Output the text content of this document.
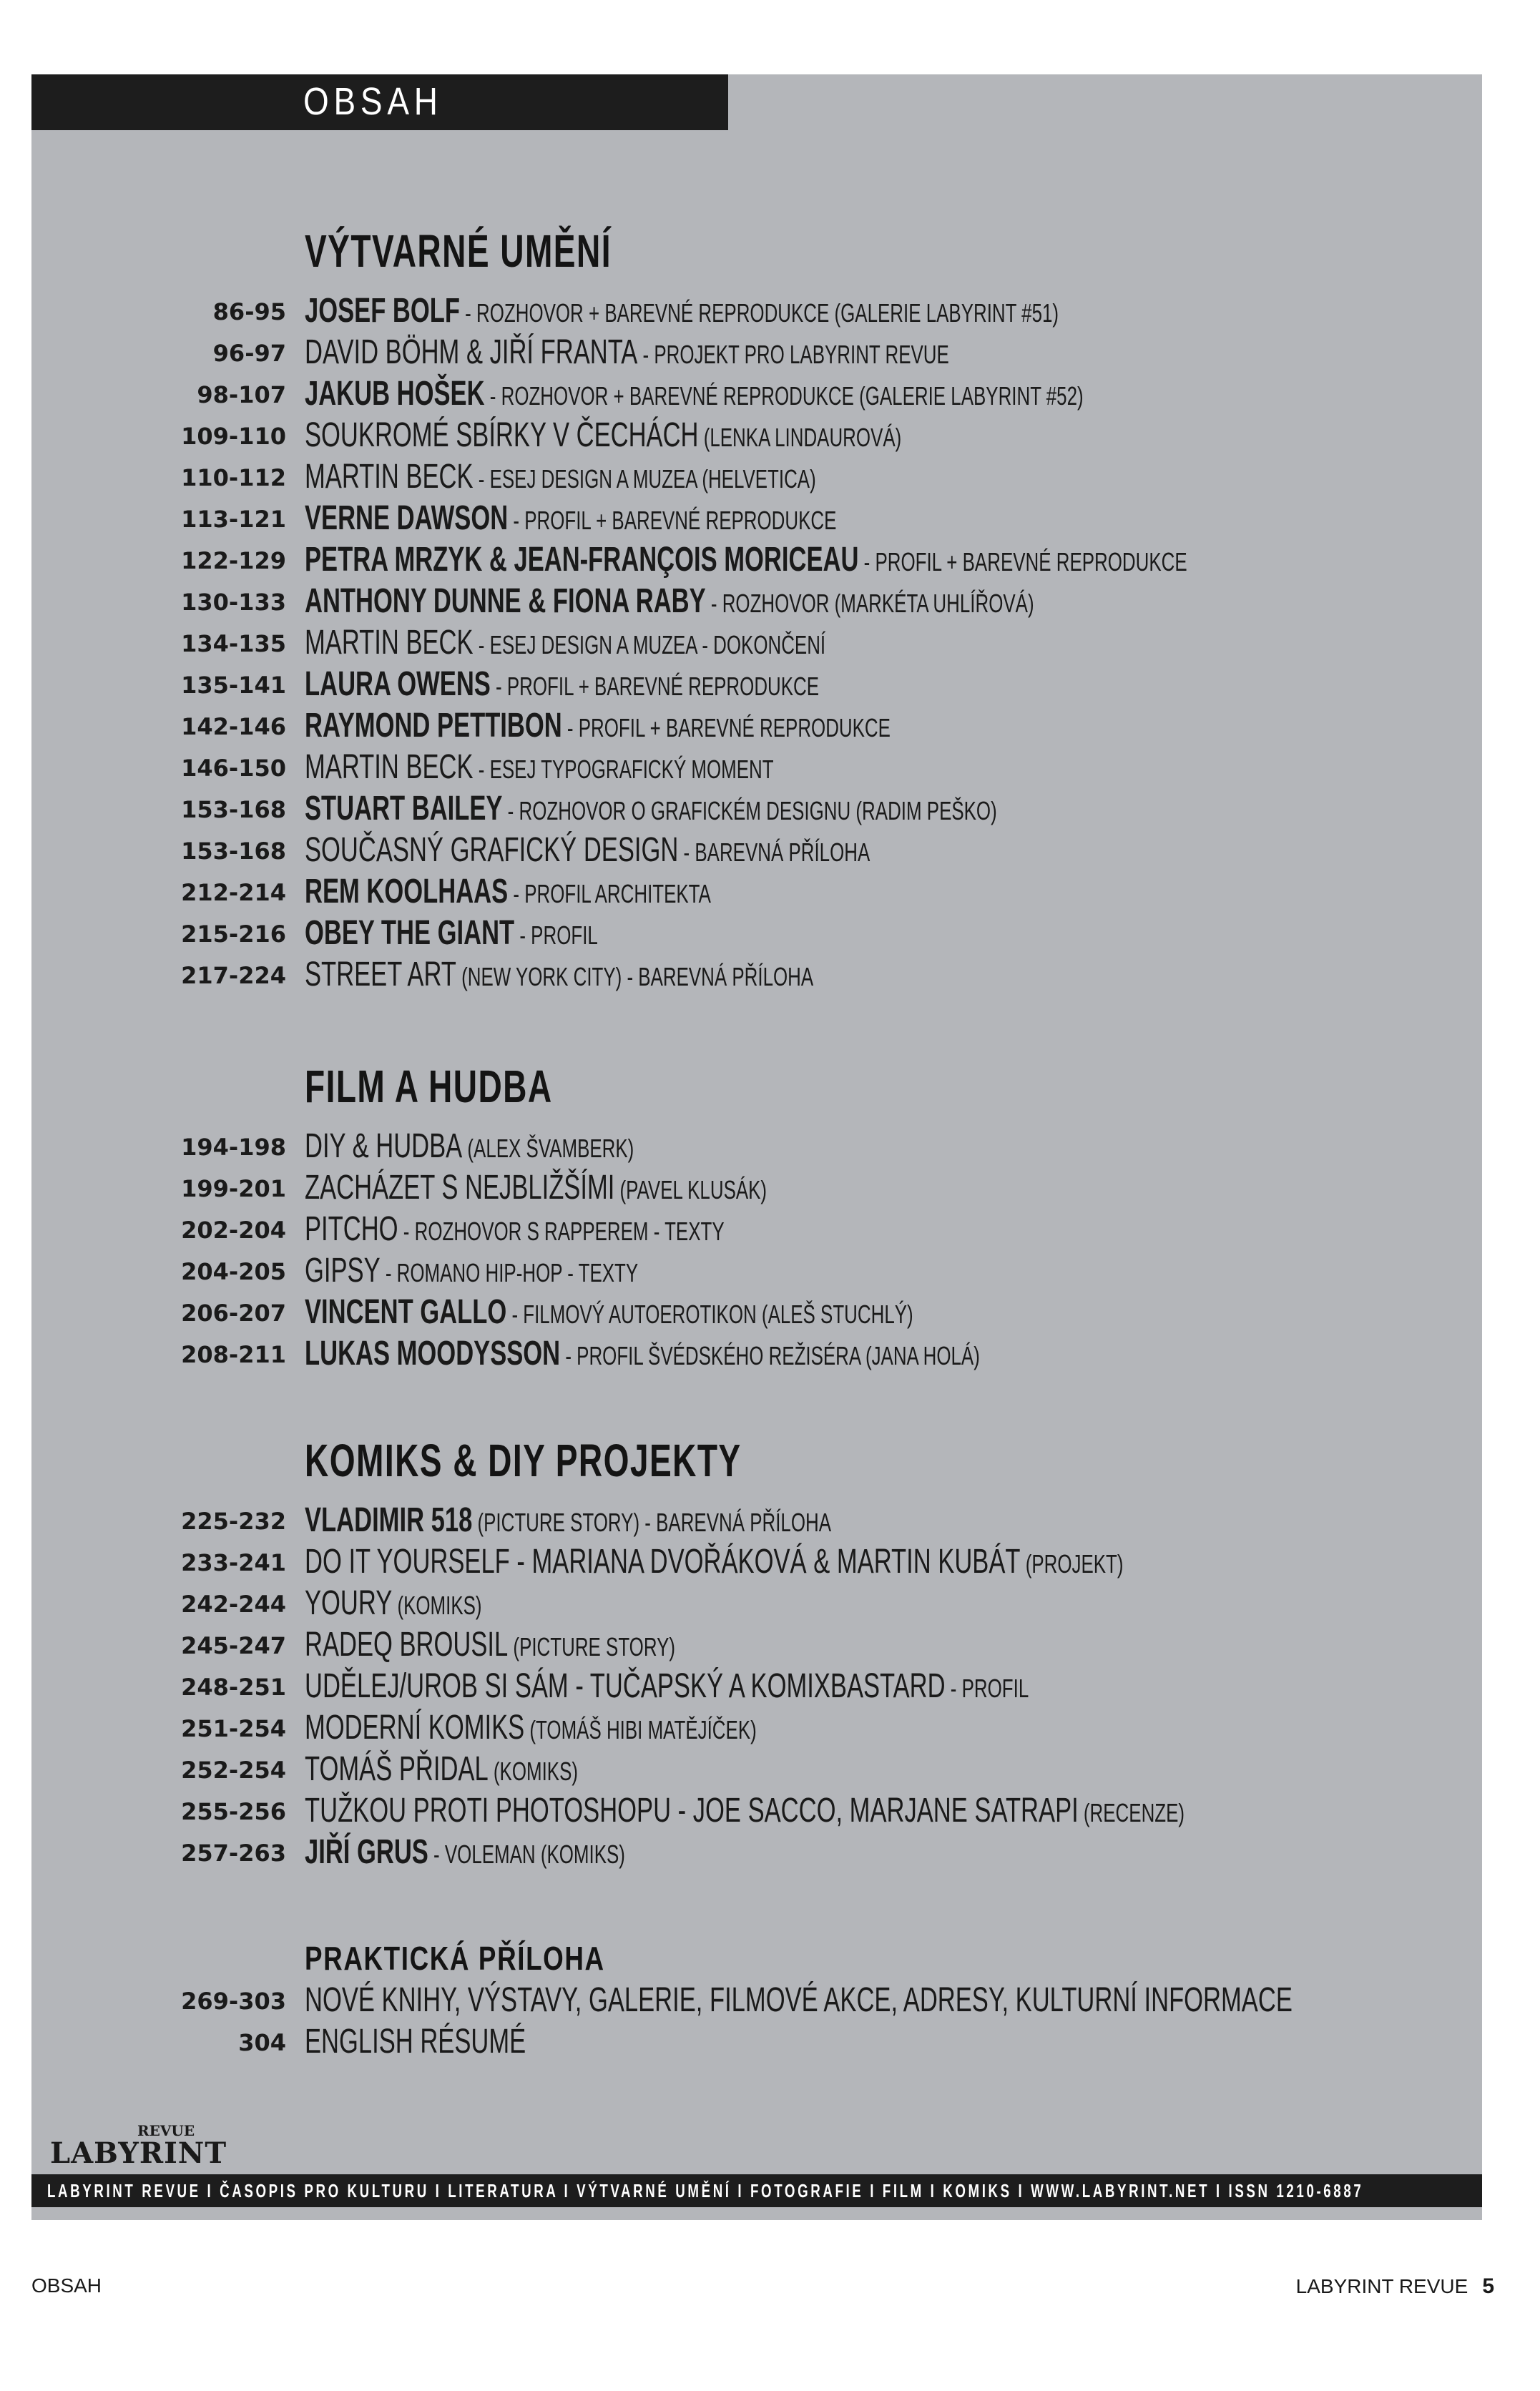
OBSAH
VÝTVARNÉ UMĚNÍ
86-95 JOSEF BOLF - ROZHOVOR + BAREVNÉ REPRODUKCE (GALERIE LABYRINT #51)
96-97 DAVID BÖHM & JIŘÍ FRANTA - PROJEKT PRO LABYRINT REVUE
98-107 JAKUB HOŠEK - ROZHOVOR + BAREVNÉ REPRODUKCE (GALERIE LABYRINT #52)
109-110 SOUKROMÉ SBÍRKY V ČECHÁCH (LENKA LINDAUROVÁ)
110-112 MARTIN BECK - ESEJ DESIGN A MUZEA (HELVETICA)
113-121 VERNE DAWSON - PROFIL + BAREVNÉ REPRODUKCE
122-129 PETRA MRZYK & JEAN-FRANÇOIS MORICEAU - PROFIL + BAREVNÉ REPRODUKCE
130-133 ANTHONY DUNNE & FIONA RABY - ROZHOVOR (MARKÉTA UHLÍŘOVÁ)
134-135 MARTIN BECK - ESEJ DESIGN A MUZEA - DOKONČENÍ
135-141 LAURA OWENS - PROFIL + BAREVNÉ REPRODUKCE
142-146 RAYMOND PETTIBON - PROFIL + BAREVNÉ REPRODUKCE
146-150 MARTIN BECK - ESEJ TYPOGRAFICKÝ MOMENT
153-168 STUART BAILEY - ROZHOVOR O GRAFICKÉM DESIGNU (RADIM PEŠKO)
153-168 SOUČASNÝ GRAFICKÝ DESIGN - BAREVNÁ PŘÍLOHA
212-214 REM KOOLHAAS - PROFIL ARCHITEKTA
215-216 OBEY THE GIANT - PROFIL
217-224 STREET ART (NEW YORK CITY) - BAREVNÁ PŘÍLOHA
FILM A HUDBA
194-198 DIY & HUDBA (ALEX ŠVAMBERK)
199-201 ZACHÁZET S NEJBLIŽŠÍMI (PAVEL KLUSÁK)
202-204 PITCHO - ROZHOVOR S RAPPEREM - TEXTY
204-205 GIPSY - ROMANO HIP-HOP - TEXTY
206-207 VINCENT GALLO - FILMOVÝ AUTOEROTIKON (ALEŠ STUCHLÝ)
208-211 LUKAS MOODYSSON - PROFIL ŠVÉDSKÉHO REŽISÉRA (JANA HOLÁ)
KOMIKS & DIY PROJEKTY
225-232 VLADIMIR 518 (PICTURE STORY) - BAREVNÁ PŘÍLOHA
233-241 DO IT YOURSELF - MARIANA DVOŘÁKOVÁ & MARTIN KUBÁT (PROJEKT)
242-244 YOURY (KOMIKS)
245-247 RADEQ BROUSIL (PICTURE STORY)
248-251 UDĚLEJ/UROB SI SÁM - TUČAPSKÝ A KOMIXBASTARD - PROFIL
251-254 MODERNÍ KOMIKS (TOMÁŠ HIBI MATĚJÍČEK)
252-254 TOMÁŠ PŘIDAL (KOMIKS)
255-256 TUŽKOU PROTI PHOTOSHOPU - JOE SACCO, MARJANE SATRAPI (RECENZE)
257-263 JIŘÍ GRUS - VOLEMAN (KOMIKS)
PRAKTICKÁ PŘÍLOHA
269-303 NOVÉ KNIHY, VÝSTAVY, GALERIE, FILMOVÉ AKCE, ADRESY, KULTURNÍ INFORMACE
304 ENGLISH RÉSUMÉ
REVUE
LABYRINT
LABYRINT REVUE I ČASOPIS PRO KULTURU I LITERATURA I VÝTVARNÉ UMĚNÍ I FOTOGRAFIE I FILM I KOMIKS I WWW.LABYRINT.NET I ISSN 1210-6887
OBSAH	LABYRINT REVUE 5
